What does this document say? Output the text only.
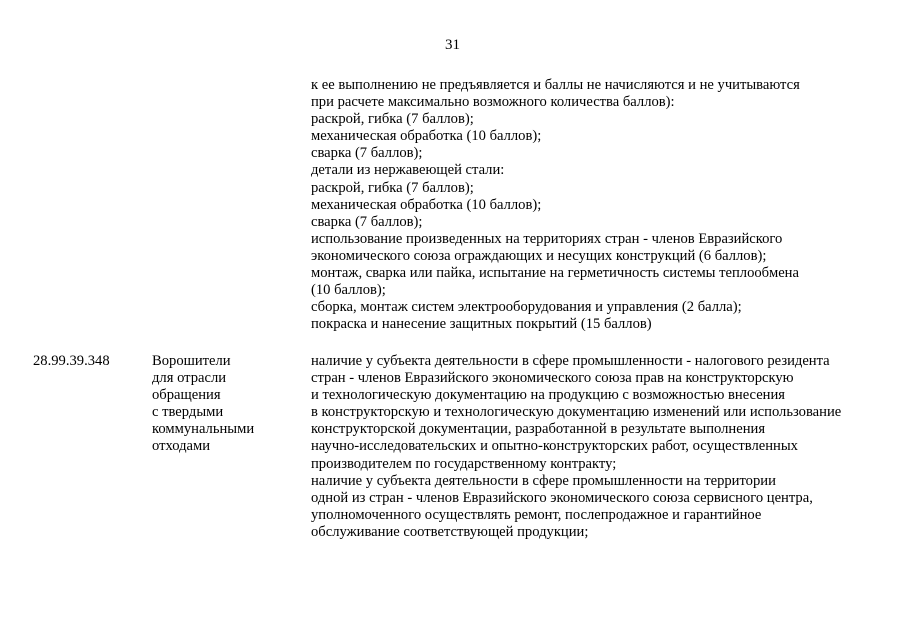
31
к ее выполнению не предъявляется и баллы не начисляются и не учитываются
при расчете максимально возможного количества баллов):
раскрой, гибка (7 баллов);
механическая обработка (10 баллов);
сварка (7 баллов);
детали из нержавеющей стали:
раскрой, гибка (7 баллов);
механическая обработка (10 баллов);
сварка (7 баллов);
использование произведенных на территориях стран - членов Евразийского
экономического союза ограждающих и несущих конструкций (6 баллов);
монтаж, сварка или пайка, испытание на герметичность системы теплообмена
(10 баллов);
сборка, монтаж систем электрооборудования и управления (2 балла);
покраска и нанесение защитных покрытий (15 баллов)
28.99.39.348	Ворошители
для отрасли
обращения
с твердыми
коммунальными
отходами
наличие у субъекта деятельности в сфере промышленности - налогового резидента
стран - членов Евразийского экономического союза прав на конструкторскую
и технологическую документацию на продукцию с возможностью внесения
в конструкторскую и технологическую документацию изменений или использование
конструкторской документации, разработанной в результате выполнения
научно-исследовательских и опытно-конструкторских работ, осуществленных
производителем по государственному контракту;
наличие у субъекта деятельности в сфере промышленности на территории
одной из стран - членов Евразийского экономического союза сервисного центра,
уполномоченного осуществлять ремонт, послепродажное и гарантийное
обслуживание соответствующей продукции;
